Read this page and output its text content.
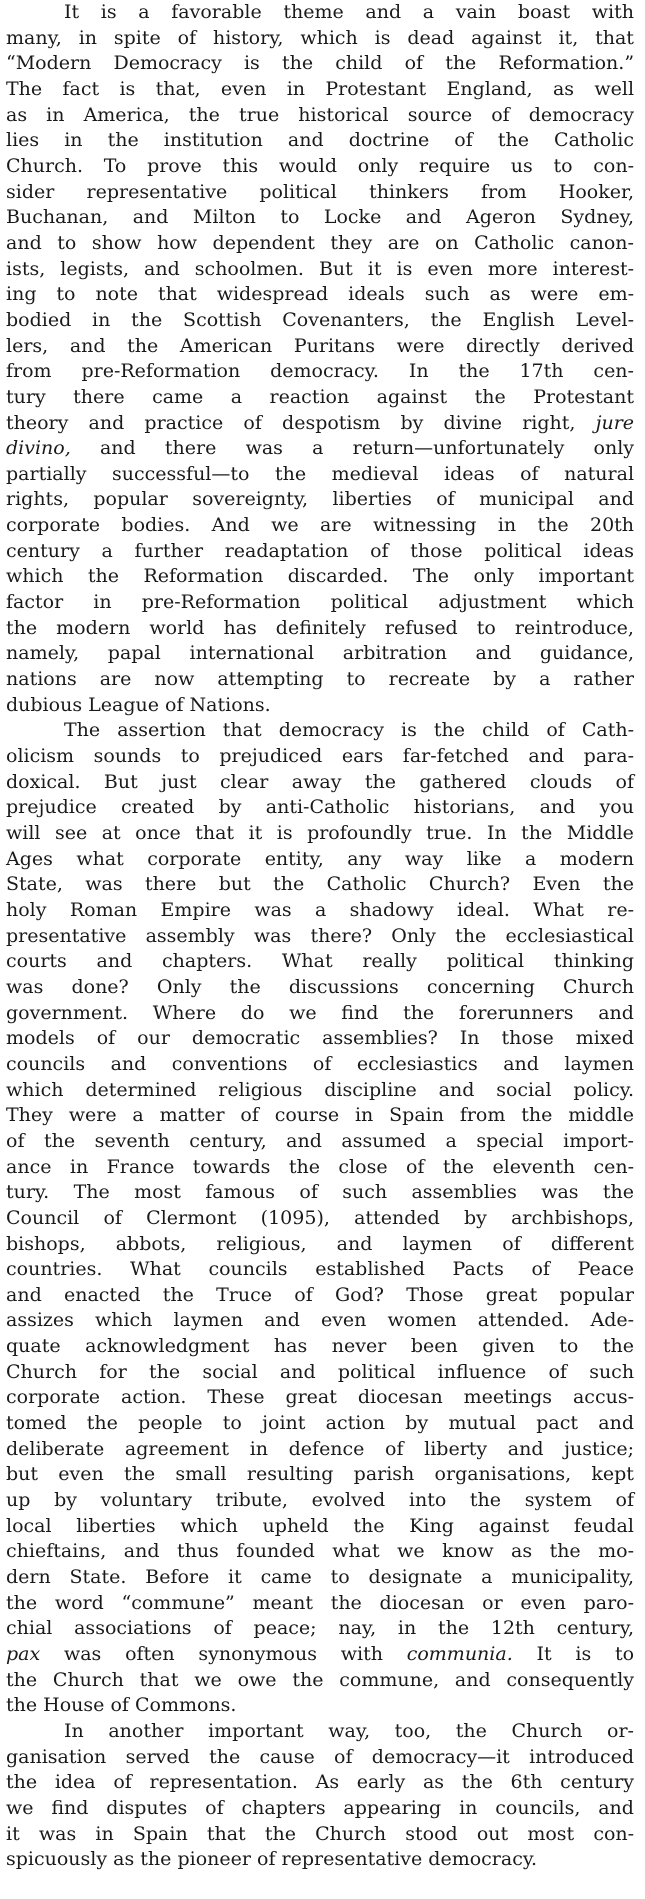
It is a favorable theme and a vain boast with
many, in spite of history, which is dead against it, that
“Modern Democracy is the child of the Reformation.”
The fact is that, even in Protestant England, as well
as in America, the true historical source of democracy
lies in the institution and doctrine of the Catholic
Church. To prove this would only require us to con-
sider representative political thinkers from Hooker,
Buchanan, and Milton to Locke and Ageron Sydney,
and to show how dependent they are on Catholic canon-
ists, legists, and schoolmen. But it is even more interest-
ing to note that widespread ideals such as were em-
bodied in the Scottish Covenanters, the English Level-
lers, and the American Puritans were directly derived
from pre-Reformation democracy. In the 17th cen-
tury there came a reaction against the Protestant
theory and practice of despotism by divine right, jure
divino, and there was a return—unfortunately only
partially successful—to the medieval ideas of natural
rights, popular sovereignty, liberties of municipal and
corporate bodies. And we are witnessing in the 20th
century a further readaptation of those political ideas
which the Reformation discarded. The only important
factor in pre-Reformation political adjustment which
the modern world has definitely refused to reintroduce,
namely, papal international arbitration and guidance,
nations are now attempting to recreate by a rather
dubious League of Nations.

The assertion that democracy is the child of Cath-
olicism sounds to prejudiced ears far-fetched and para-
doxical. But just clear away the gathered clouds of
prejudice created by anti-Catholic historians, and you
will see at once that it is profoundly true. In the Middle
Ages what corporate entity, any way like a modern
State, was there but the Catholic Church? Even the
holy Roman Empire was a shadowy ideal. What re-
presentative assembly was there? Only the ecclesiastical
courts and chapters. What really political thinking
was done? Only the discussions concerning Church
government. Where do we find the forerunners and
models of our democratic assemblies? In those mixed
councils and conventions of ecclesiastics and laymen
which determined religious discipline and social policy.
They were a matter of course in Spain from the middle
of the seventh century, and assumed a special import-
ance in France towards the close of the eleventh cen-
tury. The most famous of such assemblies was the
Council of Clermont (1095), attended by archbishops,
bishops, abbots, religious, and laymen of different
countries. What councils established Pacts of Peace
and enacted the Truce of God? Those great popular
assizes which laymen and even women attended. Ade-
quate acknowledgment has never been given to the
Church for the social and political influence of such
corporate action. These great diocesan meetings accus-
tomed the people to joint action by mutual pact and
deliberate agreement in defence of liberty and justice;
but even the small resulting parish organisations, kept
up by voluntary tribute, evolved into the system of
local liberties which upheld the King against feudal
chieftains, and thus founded what we know as the mo-
dern State. Before it came to designate a municipality,
the word “commune” meant the diocesan or even paro-
chial associations of peace; nay, in the 12th century,
pax was often synonymous with communia. It is to
the Church that we owe the commune, and consequently
the House of Commons.

In another important way, too, the Church or-
ganisation served the cause of democracy—it introduced
the idea of representation. As early as the 6th century
we find disputes of chapters appearing in councils, and
it was in Spain that the Church stood out most con-
spicuously as the pioneer of representative democracy.
